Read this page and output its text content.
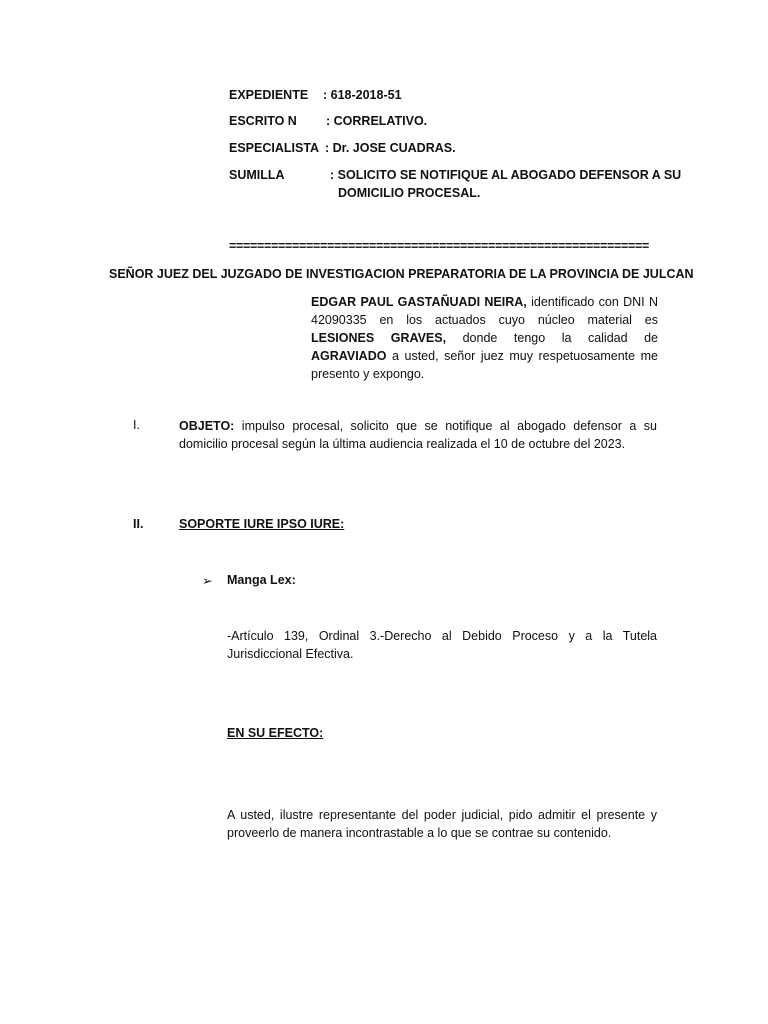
EXPEDIENTE : 618-2018-51
ESCRITO N : CORRELATIVO.
ESPECIALISTA : Dr. JOSE CUADRAS.
SUMILLA	: SOLICITO SE NOTIFIQUE AL ABOGADO DEFENSOR A SU
DOMICILIO PROCESAL.
============================================================
SEÑOR JUEZ DEL JUZGADO DE INVESTIGACION PREPARATORIA DE LA PROVINCIA DE JULCAN
EDGAR PAUL GASTAÑUADI NEIRA, identificado con DNI N 42090335 en los actuados cuyo núcleo material es LESIONES GRAVES, donde tengo la calidad de AGRAVIADO a usted, señor juez muy respetuosamente me presento y expongo.
I.	OBJETO: impulso procesal, solicito que se notifique al abogado defensor a su domicilio procesal según la última audiencia realizada el 10 de octubre del 2023.
II.	SOPORTE IURE IPSO IURE:
➢ Manga Lex:
-Artículo 139, Ordinal 3.-Derecho al Debido Proceso y a la Tutela Jurisdiccional Efectiva.
EN SU EFECTO:
A usted, ilustre representante del poder judicial, pido admitir el presente y proveerlo de manera incontrastable a lo que se contrae su contenido.
